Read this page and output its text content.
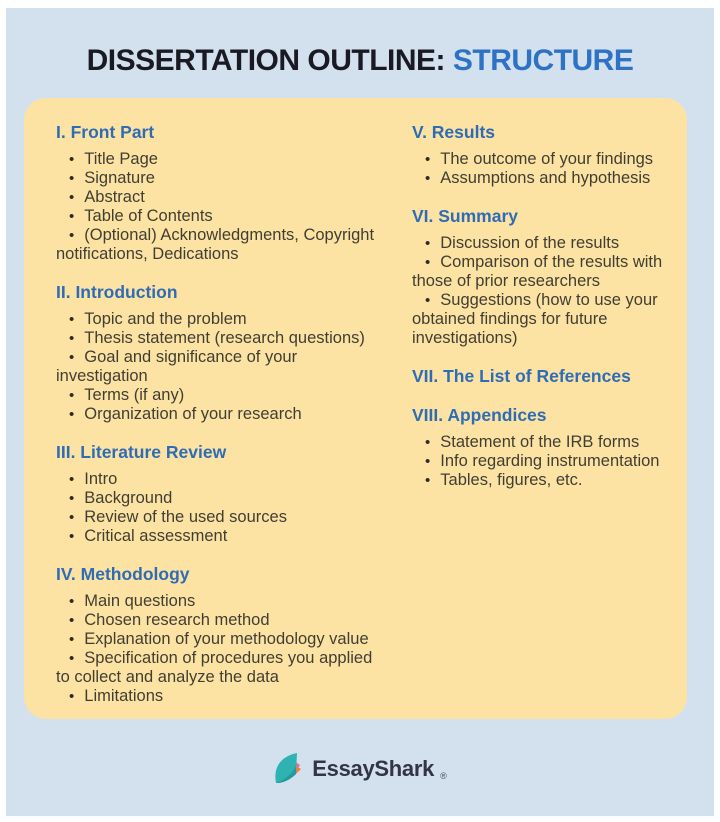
DISSERTATION OUTLINE: STRUCTURE
I. Front Part
• Title Page
• Signature
• Abstract
• Table of Contents
• (Optional) Acknowledgments, Copyright notifications, Dedications
II. Introduction
• Topic and the problem
• Thesis statement (research questions)
• Goal and significance of your investigation
• Terms (if any)
• Organization of your research
III. Literature Review
• Intro
• Background
• Review of the used sources
• Critical assessment
IV. Methodology
• Main questions
• Chosen research method
• Explanation of your methodology value
• Specification of procedures you applied to collect and analyze the data
• Limitations
V. Results
• The outcome of your findings
• Assumptions and hypothesis
VI. Summary
• Discussion of the results
• Comparison of the results with those of prior researchers
• Suggestions (how to use your obtained findings for future investigations)
VII. The List of References
VIII. Appendices
• Statement of the IRB forms
• Info regarding instrumentation
• Tables, figures, etc.
EssayShark ®
